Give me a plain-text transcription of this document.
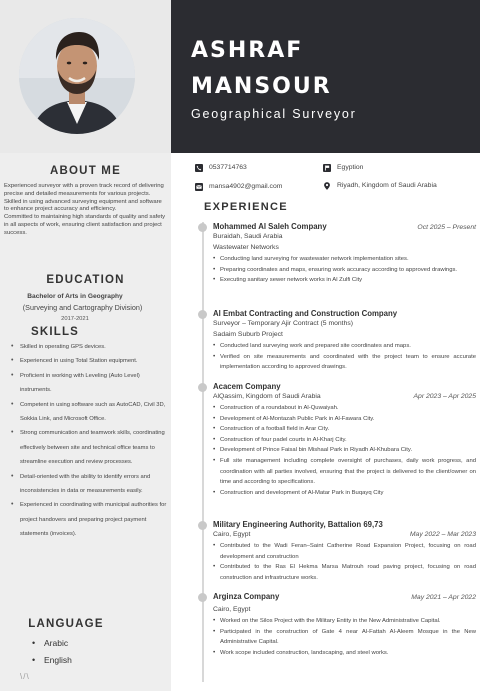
ABOUT ME
Experienced surveyor with a proven track record of delivering precise and detailed measurements for various projects.
Skilled in using advanced surveying equipment and software to enhance project accuracy and efficiency.
Committed to maintaining high standards of quality and safety in all aspects of work, ensuring client satisfaction and project success.
EDUCATION
Bachelor of Arts in Geography
(Surveying and Cartography Division)
2017-2021
SKILLS
• Skilled in operating GPS devices.
• Experienced in using Total Station equipment.
• Proficient in working with Leveling (Auto Level) instruments.
• Competent in using software such as AutoCAD, Civil 3D, Sokkia Link, and Microsoft Office.
• Strong communication and teamwork skills, coordinating effectively between site and technical office teams to streamline execution and review processes.
• Detail-oriented with the ability to identify errors and inconsistencies in data or measurements easily.
• Experienced in coordinating with municipal authorities for project handovers and preparing project payment statements (invoices).
LANGUAGE
• Arabic
• English
\/\
ASHRAF
MANSOUR
Geographical Surveyor
0537714763	Egyption
mansa4902@gmail.com	Riyadh, Kingdom of Saudi Arabia
EXPERIENCE
Mohammed Al Saleh Company	Oct 2025 – Present
Buraidah, Saudi Arabia
Wastewater Networks
• Conducting land surveying for wastewater network implementation sites.
• Preparing coordinates and maps, ensuring work accuracy according to approved drawings.
• Executing sanitary sewer network works in Al Zulfi City
Al Embat Contracting and Construction Company
Surveyor – Temporary Ajir Contract (5 months)
Sadaim Suburb Project
• Conducted land surveying work and prepared site coordinates and maps.
• Verified on site measurements and coordinated with the project team to ensure accurate implementation according to approved drawings.
Acacem Company
AlQassim, Kingdom of Saudi Arabia	Apr 2023 – Apr 2025
• Construction of a roundabout in Al-Quwaiyah.
• Development of Al-Montazah Public Park in Al-Fawara City.
• Construction of a football field in Arar City.
• Construction of four padel courts in Al-Kharj City.
• Development of Prince Faisal bin Mishaal Park in Riyadh Al-Khubara City.
• Full site management including complete oversight of purchases, daily work progress, and coordination with all parties involved, ensuring that the project is delivered to the client/owner on time and according to specifications.
• Construction and development of Al-Matar Park in Buqayq City
Military Engineering Authority, Battalion 69,73
Cairo, Egypt	May 2022 – Mar 2023
• Contributed to the Wadi Feran–Saint Catherine Road Expansion Project, focusing on road development and construction
• Contributed to the Ras El Hekma Marsa Matrouh road paving project, focusing on road construction and infrastructure works.
Arginza Company	May 2021 – Apr 2022
Cairo, Egypt
• Worked on the Silos Project with the Military Entity in the New Administrative Capital.
• Participated in the construction of Gate 4 near Al-Fattah Al-Aleem Mosque in the New Administrative Capital.
• Work scope included construction, landscaping, and steel works.
